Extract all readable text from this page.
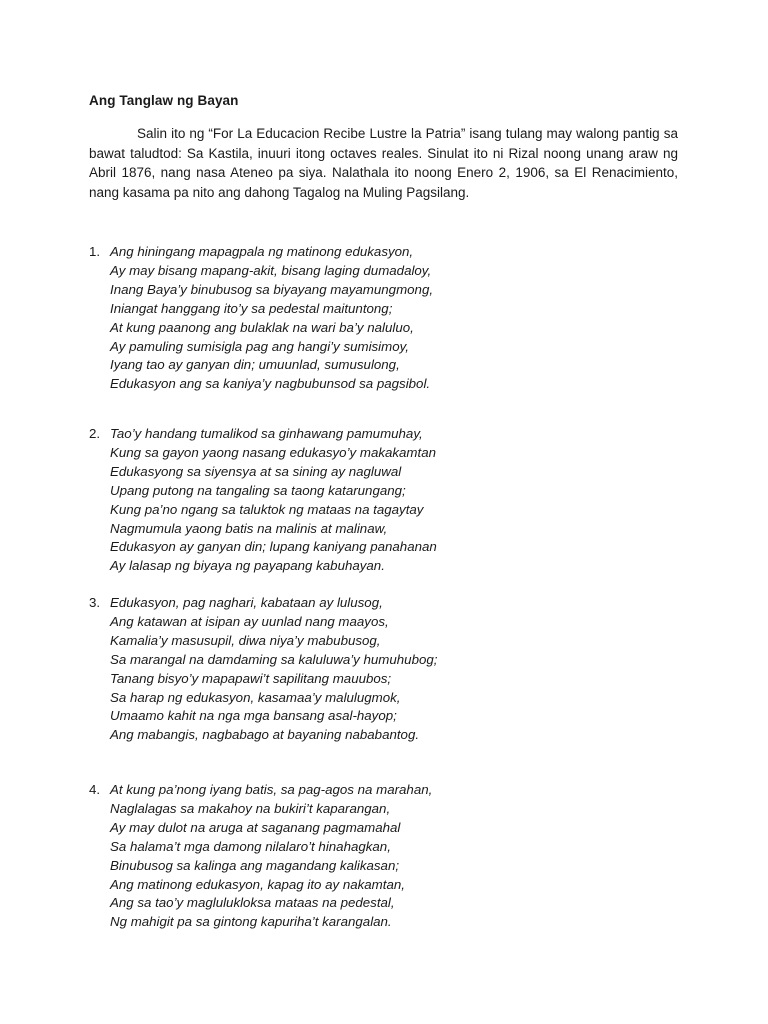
Ang Tanglaw ng Bayan

Salin ito ng “For La Educacion Recibe Lustre la Patria” isang tulang may walong pantig sa bawat taludtod: Sa Kastila, inuuri itong octaves reales. Sinulat ito ni Rizal noong unang araw ng Abril 1876, nang nasa Ateneo pa siya. Nalathala ito noong Enero 2, 1906, sa El Renacimiento, nang kasama pa nito ang dahong Tagalog na Muling Pagsilang.

1. Ang hiningang mapagpala ng matinong edukasyon,
Ay may bisang mapang-akit, bisang laging dumadaloy,
Inang Baya’y binubusog sa biyayang mayamungmong,
Iniangat hanggang ito’y sa pedestal maituntong;
At kung paanong ang bulaklak na wari ba’y naluluo,
Ay pamuling sumisigla pag ang hangi’y sumisimoy,
Iyang tao ay ganyan din; umuunlad, sumusulong,
Edukasyon ang sa kaniya’y nagbubunsod sa pagsibol.
2. Tao’y handang tumalikod sa ginhawang pamumuhay,
Kung sa gayon yaong nasang edukasyo’y makakamtan
Edukasyong sa siyensya at sa sining ay nagluwal
Upang putong na tangaling sa taong katarungang;
Kung pa’no ngang sa taluktok ng mataas na tagaytay
Nagmumula yaong batis na malinis at malinaw,
Edukasyon ay ganyan din; lupang kaniyang panahanan
Ay lalasap ng biyaya ng payapang kabuhayan.
3. Edukasyon, pag naghari, kabataan ay lulusog,
Ang katawan at isipan ay uunlad nang maayos,
Kamalia’y masusupil, diwa niya’y mabubusog,
Sa marangal na damdaming sa kaluluwa’y humuhubog;
Tanang bisyo’y mapapawi’t sapilitang mauubos;
Sa harap ng edukasyon, kasamaa’y malulugmok,
Umaamo kahit na nga mga bansang asal-hayop;
Ang mabangis, nagbabago at bayaning nababantog.
4. At kung pa’nong iyang batis, sa pag-agos na marahan,
Naglalagas sa makahoy na bukiri’t kaparangan,
Ay may dulot na aruga at saganang pagmamahal
Sa halama’t mga damong nilalaro’t hinahagkan,
Binubusog sa kalinga ang magandang kalikasan;
Ang matinong edukasyon, kapag ito ay nakamtan,
Ang sa tao’y maglulukloksa mataas na pedestal,
Ng mahigit pa sa gintong kapuriha’t karangalan.
